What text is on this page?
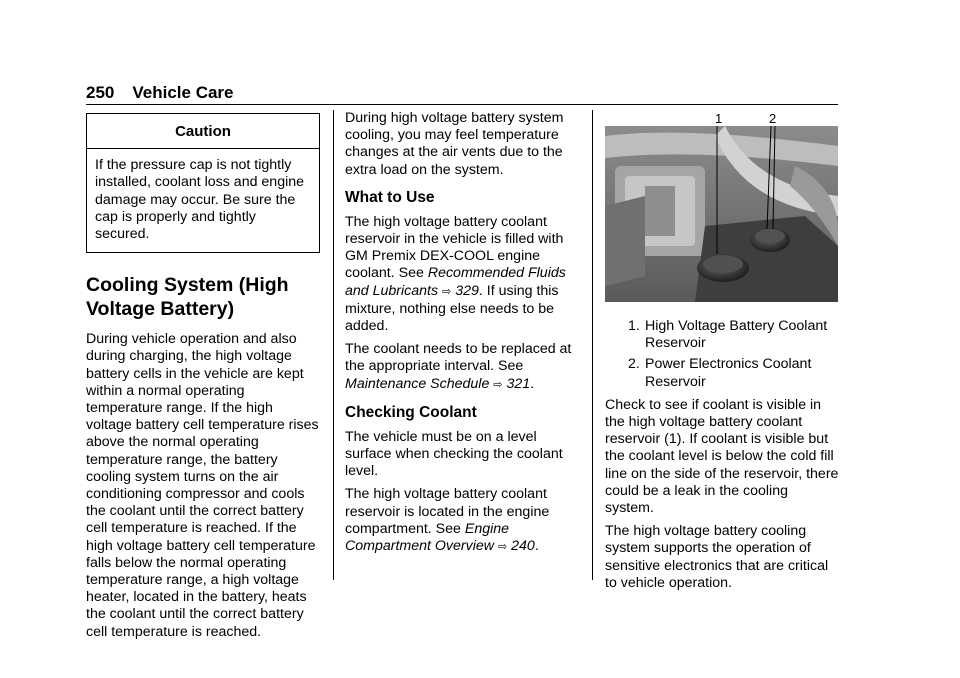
250 Vehicle Care
Caution
If the pressure cap is not tightly installed, coolant loss and engine damage may occur. Be sure the cap is properly and tightly secured.
Cooling System (High Voltage Battery)

During vehicle operation and also during charging, the high voltage battery cells in the vehicle are kept within a normal operating temperature range. If the high voltage battery cell temperature rises above the normal operating temperature range, the battery cooling system turns on the air conditioning compressor and cools the coolant until the correct battery cell temperature is reached. If the high voltage battery cell temperature falls below the normal operating temperature range, a high voltage heater, located in the battery, heats the coolant until the correct battery cell temperature is reached.

During high voltage battery system cooling, you may feel temperature changes at the air vents due to the extra load on the system.

What to Use

The high voltage battery coolant reservoir in the vehicle is filled with GM Premix DEX-COOL engine coolant. See Recommended Fluids and Lubricants ⇨ 329. If using this mixture, nothing else needs to be added.

The coolant needs to be replaced at the appropriate interval. See Maintenance Schedule ⇨ 321.

Checking Coolant

The vehicle must be on a level surface when checking the coolant level.

The high voltage battery coolant reservoir is located in the engine compartment. See Engine Compartment Overview ⇨ 240.

1	2
1. High Voltage Battery Coolant Reservoir
2. Power Electronics Coolant Reservoir

Check to see if coolant is visible in the high voltage battery coolant reservoir (1). If coolant is visible but the coolant level is below the cold fill line on the side of the reservoir, there could be a leak in the cooling system.

The high voltage battery cooling system supports the operation of sensitive electronics that are critical to vehicle operation.
